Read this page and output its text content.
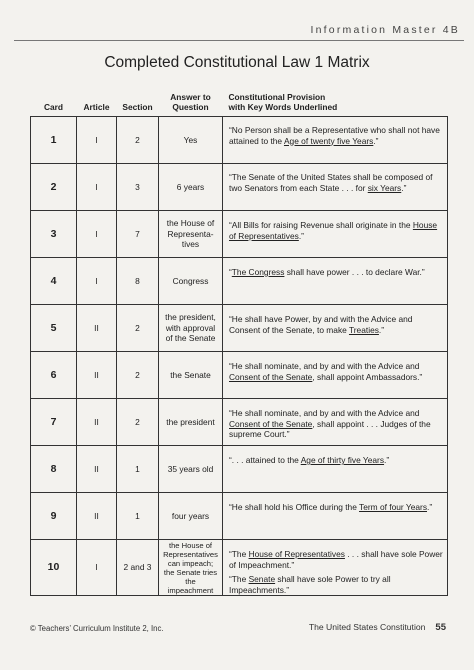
Information Master 4B
Completed Constitutional Law 1 Matrix
Card	Article	Section	Answer to
Question	Constitutional Provision
with Key Words Underlined
1	I	2	Yes	“No Person shall be a Representative who shall not have attained to the Age of twenty five Years.”

2	I	3	6 years	“The Senate of the United States shall be composed of two Senators from each State . . . for six Years.”

3	I	7	the House of Representa-tives	“All Bills for raising Revenue shall originate in the House of Representatives.”

4	I	8	Congress	“The Congress shall have power . . . to declare War.”

5	II	2	the president, with approval of the Senate	“He shall have Power, by and with the Advice and Consent of the Senate, to make Treaties.”

6	II	2	the Senate	“He shall nominate, and by and with the Advice and Consent of the Senate, shall appoint Ambassadors.”

7	II	2	the president	“He shall nominate, and by and with the Advice and Consent of the Senate, shall appoint . . . Judges of the supreme Court.”

8	II	1	35 years old	“. . . attained to the Age of thirty five Years.”

9	II	1	four years	“He shall hold his Office during the Term of four Years.”

10	I	2 and 3	the House of Representatives can impeach; the Senate tries the impeachment	“The House of Representatives . . . shall have sole Power of Impeachment.”
“The Senate shall have sole Power to try all Impeachments.”
© Teachers’ Curriculum Institute 2, Inc.	The United States Constitution 55
